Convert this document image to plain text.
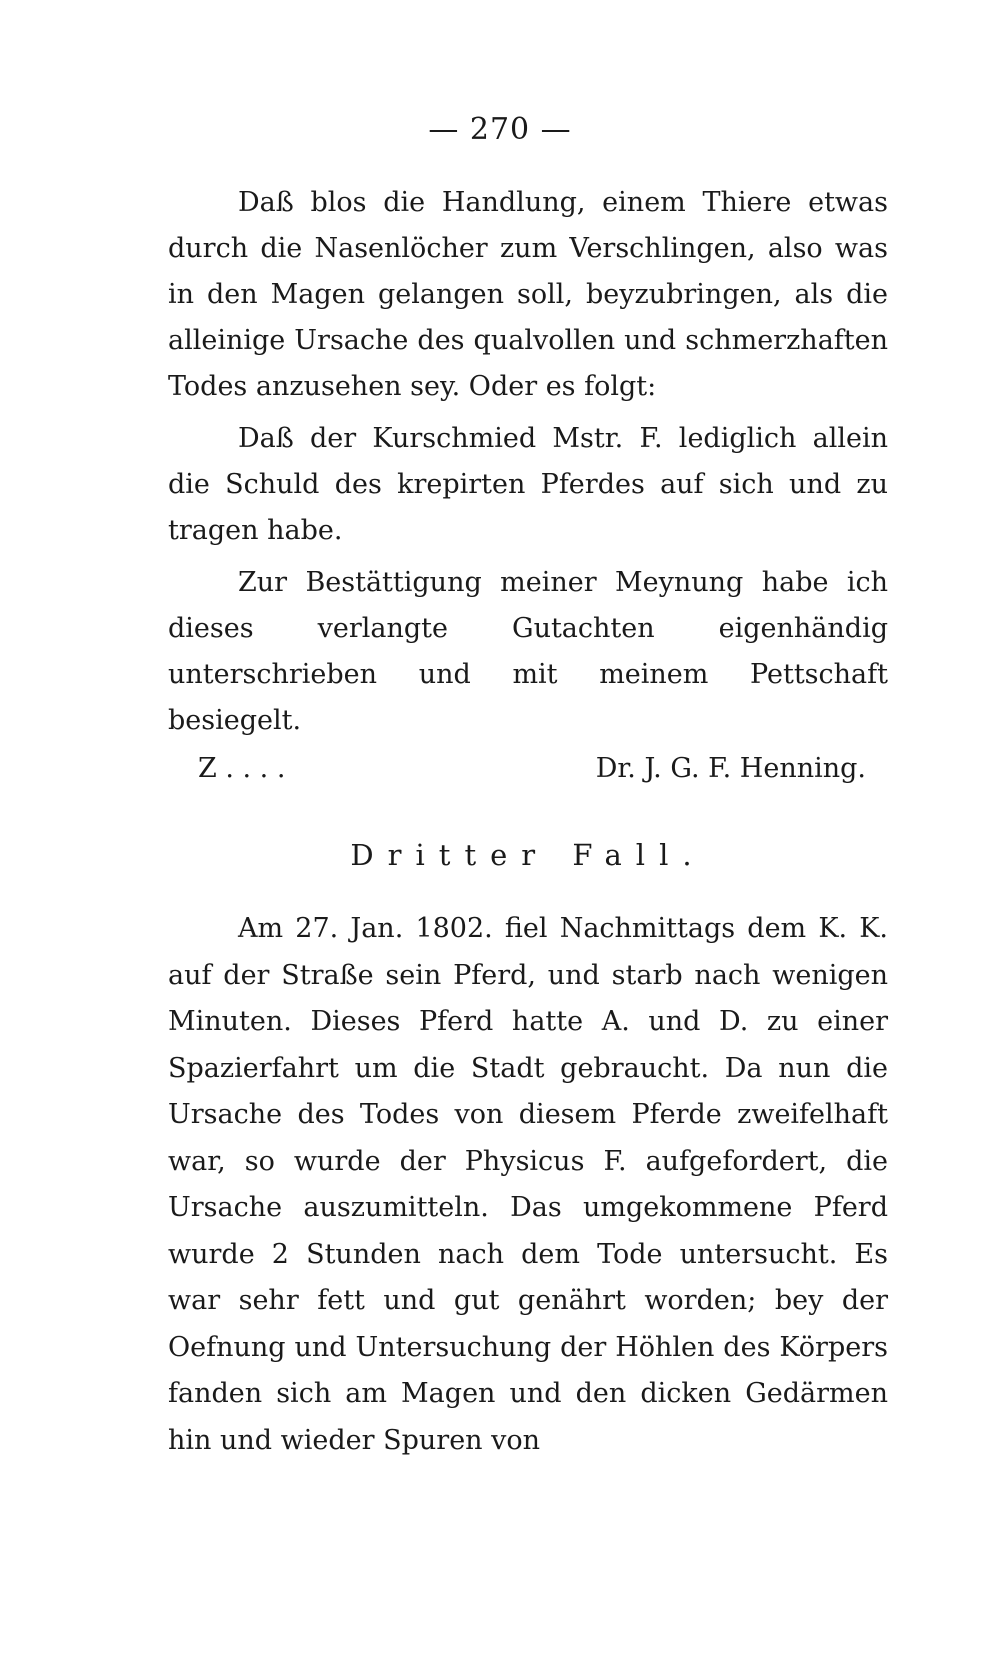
— 270 —

Daß blos die Handlung, einem Thiere etwas durch die Nasenlöcher zum Verschlingen, also was in den Magen gelangen soll, beyzubringen, als die alleinige Ursache des qualvollen und schmerzhaften Todes anzusehen sey. Oder es folgt:

Daß der Kurschmied Mstr. F. lediglich allein die Schuld des krepirten Pferdes auf sich und zu tragen habe.

Zur Bestättigung meiner Meynung habe ich dieses verlangte Gutachten eigenhändig unterschrieben und mit meinem Pettschaft besiegelt.

Z . . . .	Dr. J. G. F. Henning.
Dritter Fall.

Am 27. Jan. 1802. fiel Nachmittags dem K. K. auf der Straße sein Pferd, und starb nach wenigen Minuten. Dieses Pferd hatte A. und D. zu einer Spazierfahrt um die Stadt gebraucht. Da nun die Ursache des Todes von diesem Pferde zweifelhaft war, so wurde der Physicus F. aufgefordert, die Ursache auszumitteln. Das umgekommene Pferd wurde 2 Stunden nach dem Tode untersucht. Es war sehr fett und gut genährt worden; bey der Oefnung und Untersuchung der Höhlen des Körpers fanden sich am Magen und den dicken Gedärmen hin und wieder Spuren von
